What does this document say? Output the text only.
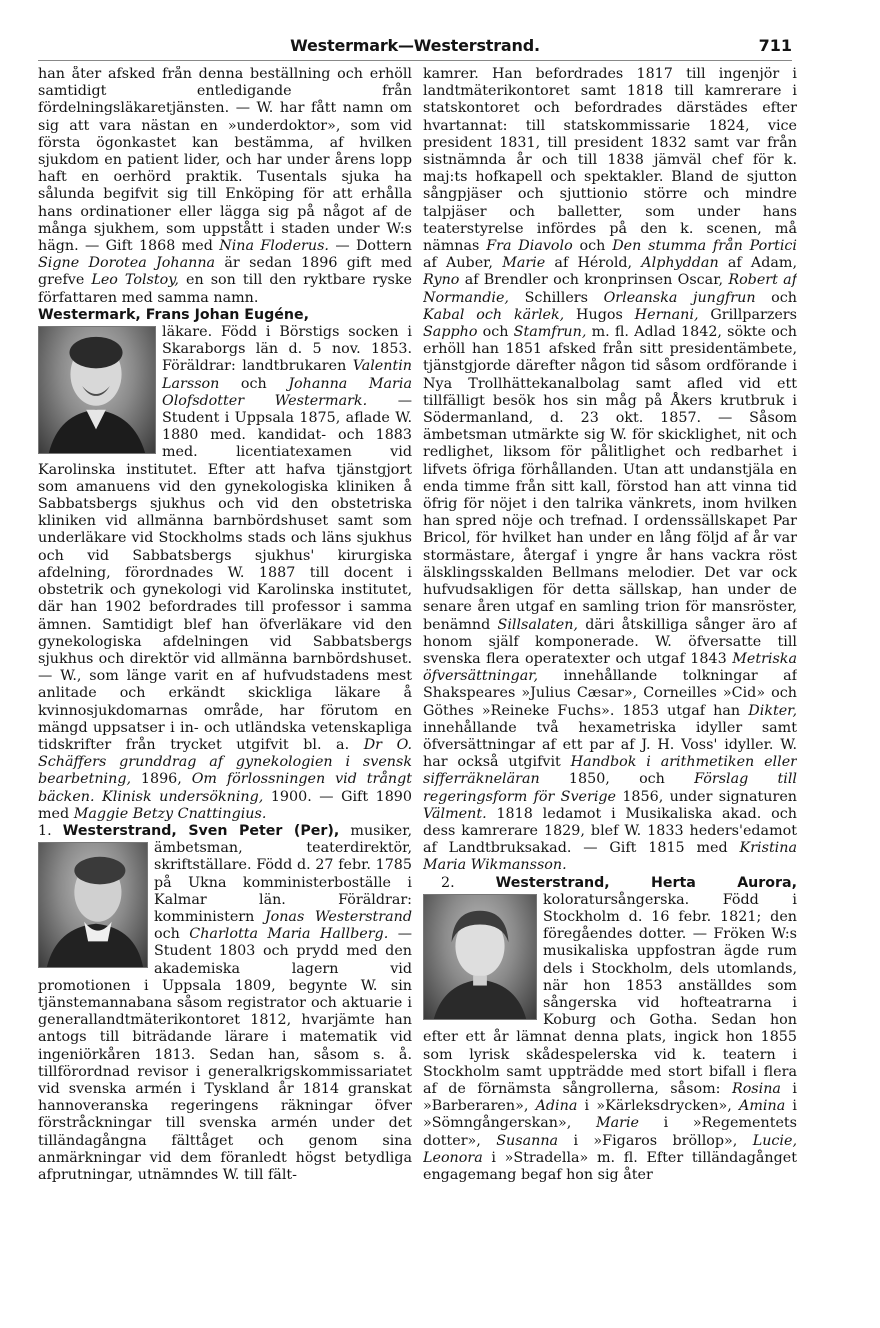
Westermark—Westerstrand.	711

han åter afsked från denna beställning och erhöll samtidigt entledigande från fördelningsläkaretjänsten. — W. har fått namn om sig att vara nästan en »underdoktor», som vid första ögonkastet kan bestämma, af hvilken sjukdom en patient lider, och har under årens lopp haft en oerhörd praktik. Tusentals sjuka ha sålunda begifvit sig till Enköping för att erhålla hans ordinationer eller lägga sig på något af de många sjukhem, som uppstått i staden under W:s hägn. — Gift 1868 med Nina Floderus. — Dottern Signe Dorotea Johanna är sedan 1896 gift med grefve Leo Tolstoy, en son till den ryktbare ryske författaren med samma namn.

Westermark, Frans Johan Eugéne,

läkare. Född i Börstigs socken i Skaraborgs län d. 5 nov. 1853. Föräldrar: landtbrukaren Valentin Larsson och Johanna Maria Olofsdotter Westermark. — Student i Uppsala 1875, aflade W. 1880 med. kandidat- och 1883 med. licentiatexamen vid Karolinska institutet. Efter att hafva tjänstgjort som amanuens vid den gynekologiska kliniken å Sabbatsbergs sjukhus och vid den obstetriska kliniken vid allmänna barnbördshuset samt som underläkare vid Stockholms stads och läns sjukhus och vid Sabbatsbergs sjukhus' kirurgiska afdelning, förordnades W. 1887 till docent i obstetrik och gynekologi vid Karolinska institutet, där han 1902 befordrades till professor i samma ämnen. Samtidigt blef han öfverläkare vid den gynekologiska afdelningen vid Sabbatsbergs sjukhus och direktör vid allmänna barnbördshuset. — W., som länge varit en af hufvudstadens mest anlitade och erkändt skickliga läkare å kvinnosjukdomarnas område, har förutom en mängd uppsatser i in- och utländska vetenskapliga tidskrifter från trycket utgifvit bl. a. Dr O. Schäffers grunddrag af gynekologien i svensk bearbetning, 1896, Om förlossningen vid trångt bäcken. Klinisk undersökning, 1900. — Gift 1890 med Maggie Betzy Cnattingius.

1. Westerstrand, Sven Peter (Per),
musiker, ämbetsman, teaterdirektör, skriftställare. Född d. 27 febr. 1785 på Ukna komministerboställe i Kalmar län. Föräldrar: komministern Jonas Westerstrand och Charlotta Maria Hallberg. — Student 1803 och prydd med den akademiska lagern vid promotionen i Uppsala 1809, begynte W. sin tjänstemannabana såsom registrator och aktuarie i generallandtmäterikontoret 1812, hvarjämte han antogs till biträdande lärare i matematik vid ingeniörkåren 1813. Sedan han, såsom s. å. tillförordnad revisor i generalkrigskommissariatet vid svenska armén i Tyskland år 1814 granskat hannoveranska regeringens räkningar öfver förstråckningar till svenska armén under det tilländagångna fälttåget och genom sina anmärkningar vid dem föranledt högst betydliga afprutningar, utnämndes W. till fält-

kamrer. Han befordrades 1817 till ingenjör i landtmäterikontoret samt 1818 till kamrerare i statskontoret och befordrades därstädes efter hvartannat: till statskommissarie 1824, vice president 1831, till president 1832 samt var från sistnämnda år och till 1838 jämväl chef för k. maj:ts hofkapell och spektakler. Bland de sjutton sångpjäser och sjuttionio större och mindre talpjäser och balletter, som under hans teaterstyrelse infördes på den k. scenen, må nämnas Fra Diavolo och Den stumma från Portici af Auber, Marie af Hérold, Alphyddan af Adam, Ryno af Brendler och kronprinsen Oscar, Robert af Normandie, Schillers Orleanska jungfrun och Kabal och kärlek, Hugos Hernani, Grillparzers Sappho och Stamfrun, m. fl. Adlad 1842, sökte och erhöll han 1851 afsked från sitt presidentämbete, tjänstgjorde därefter någon tid såsom ordförande i Nya Trollhättekanalbolag samt afled vid ett tillfälligt besök hos sin måg på Åkers krutbruk i Södermanland, d. 23 okt. 1857. — Såsom ämbetsman utmärkte sig W. för skicklighet, nit och redlighet, liksom för pålitlighet och redbarhet i lifvets öfriga förhållanden. Utan att undanstjäla en enda timme från sitt kall, förstod han att vinna tid öfrig för nöjet i den talrika vänkrets, inom hvilken han spred nöje och trefnad. I ordenssällskapet Par Bricol, för hvilket han under en lång följd af år var stormästare, återgaf i yngre år hans vackra röst älsklingsskalden Bellmans melodier. Det var ock hufvudsakligen för detta sällskap, han under de senare åren utgaf en samling trion för mansröster, benämnd Sillsalaten, däri åtskilliga sånger äro af honom själf komponerade. W. öfversatte till svenska flera operatexter och utgaf 1843 Metriska öfversättningar, innehållande tolkningar af Shakspeares »Julius Cæsar», Corneilles »Cid» och Göthes »Reineke Fuchs». 1853 utgaf han Dikter, innehållande två hexametriska idyller samt öfversättningar af ett par af J. H. Voss' idyller. W. har också utgifvit Handbok i arithmetiken eller sifferräkneläran 1850, och Förslag till regeringsform för Sverige 1856, under signaturen Välment. 1818 ledamot i Musikaliska akad. och dess kamrerare 1829, blef W. 1833 heders'edamot af Landtbruksakad. — Gift 1815 med Kristina Maria Wikmansson.

2.	Westerstrand, Herta Aurora,
koloratursångerska. Född i Stockholm d. 16 febr. 1821; den föregåendes dotter. — Fröken W:s musikaliska uppfostran ägde rum dels i Stockholm, dels utomlands, när hon 1853 anställdes som sångerska vid hofteatrarna i Koburg och Gotha. Sedan hon efter ett år lämnat denna plats, ingick hon 1855 som lyrisk skådespelerska vid k. teatern i Stockholm samt uppträdde med stort bifall i flera af de förnämsta sångrollerna, såsom: Rosina i »Barberaren», Adina i »Kärleksdrycken», Amina i »Sömngångerskan», Marie i »Regementets dotter», Susanna i »Figaros bröllop», Lucie, Leonora i »Stradella» m. fl. Efter tilländagånget engagemang begaf hon sig åter
